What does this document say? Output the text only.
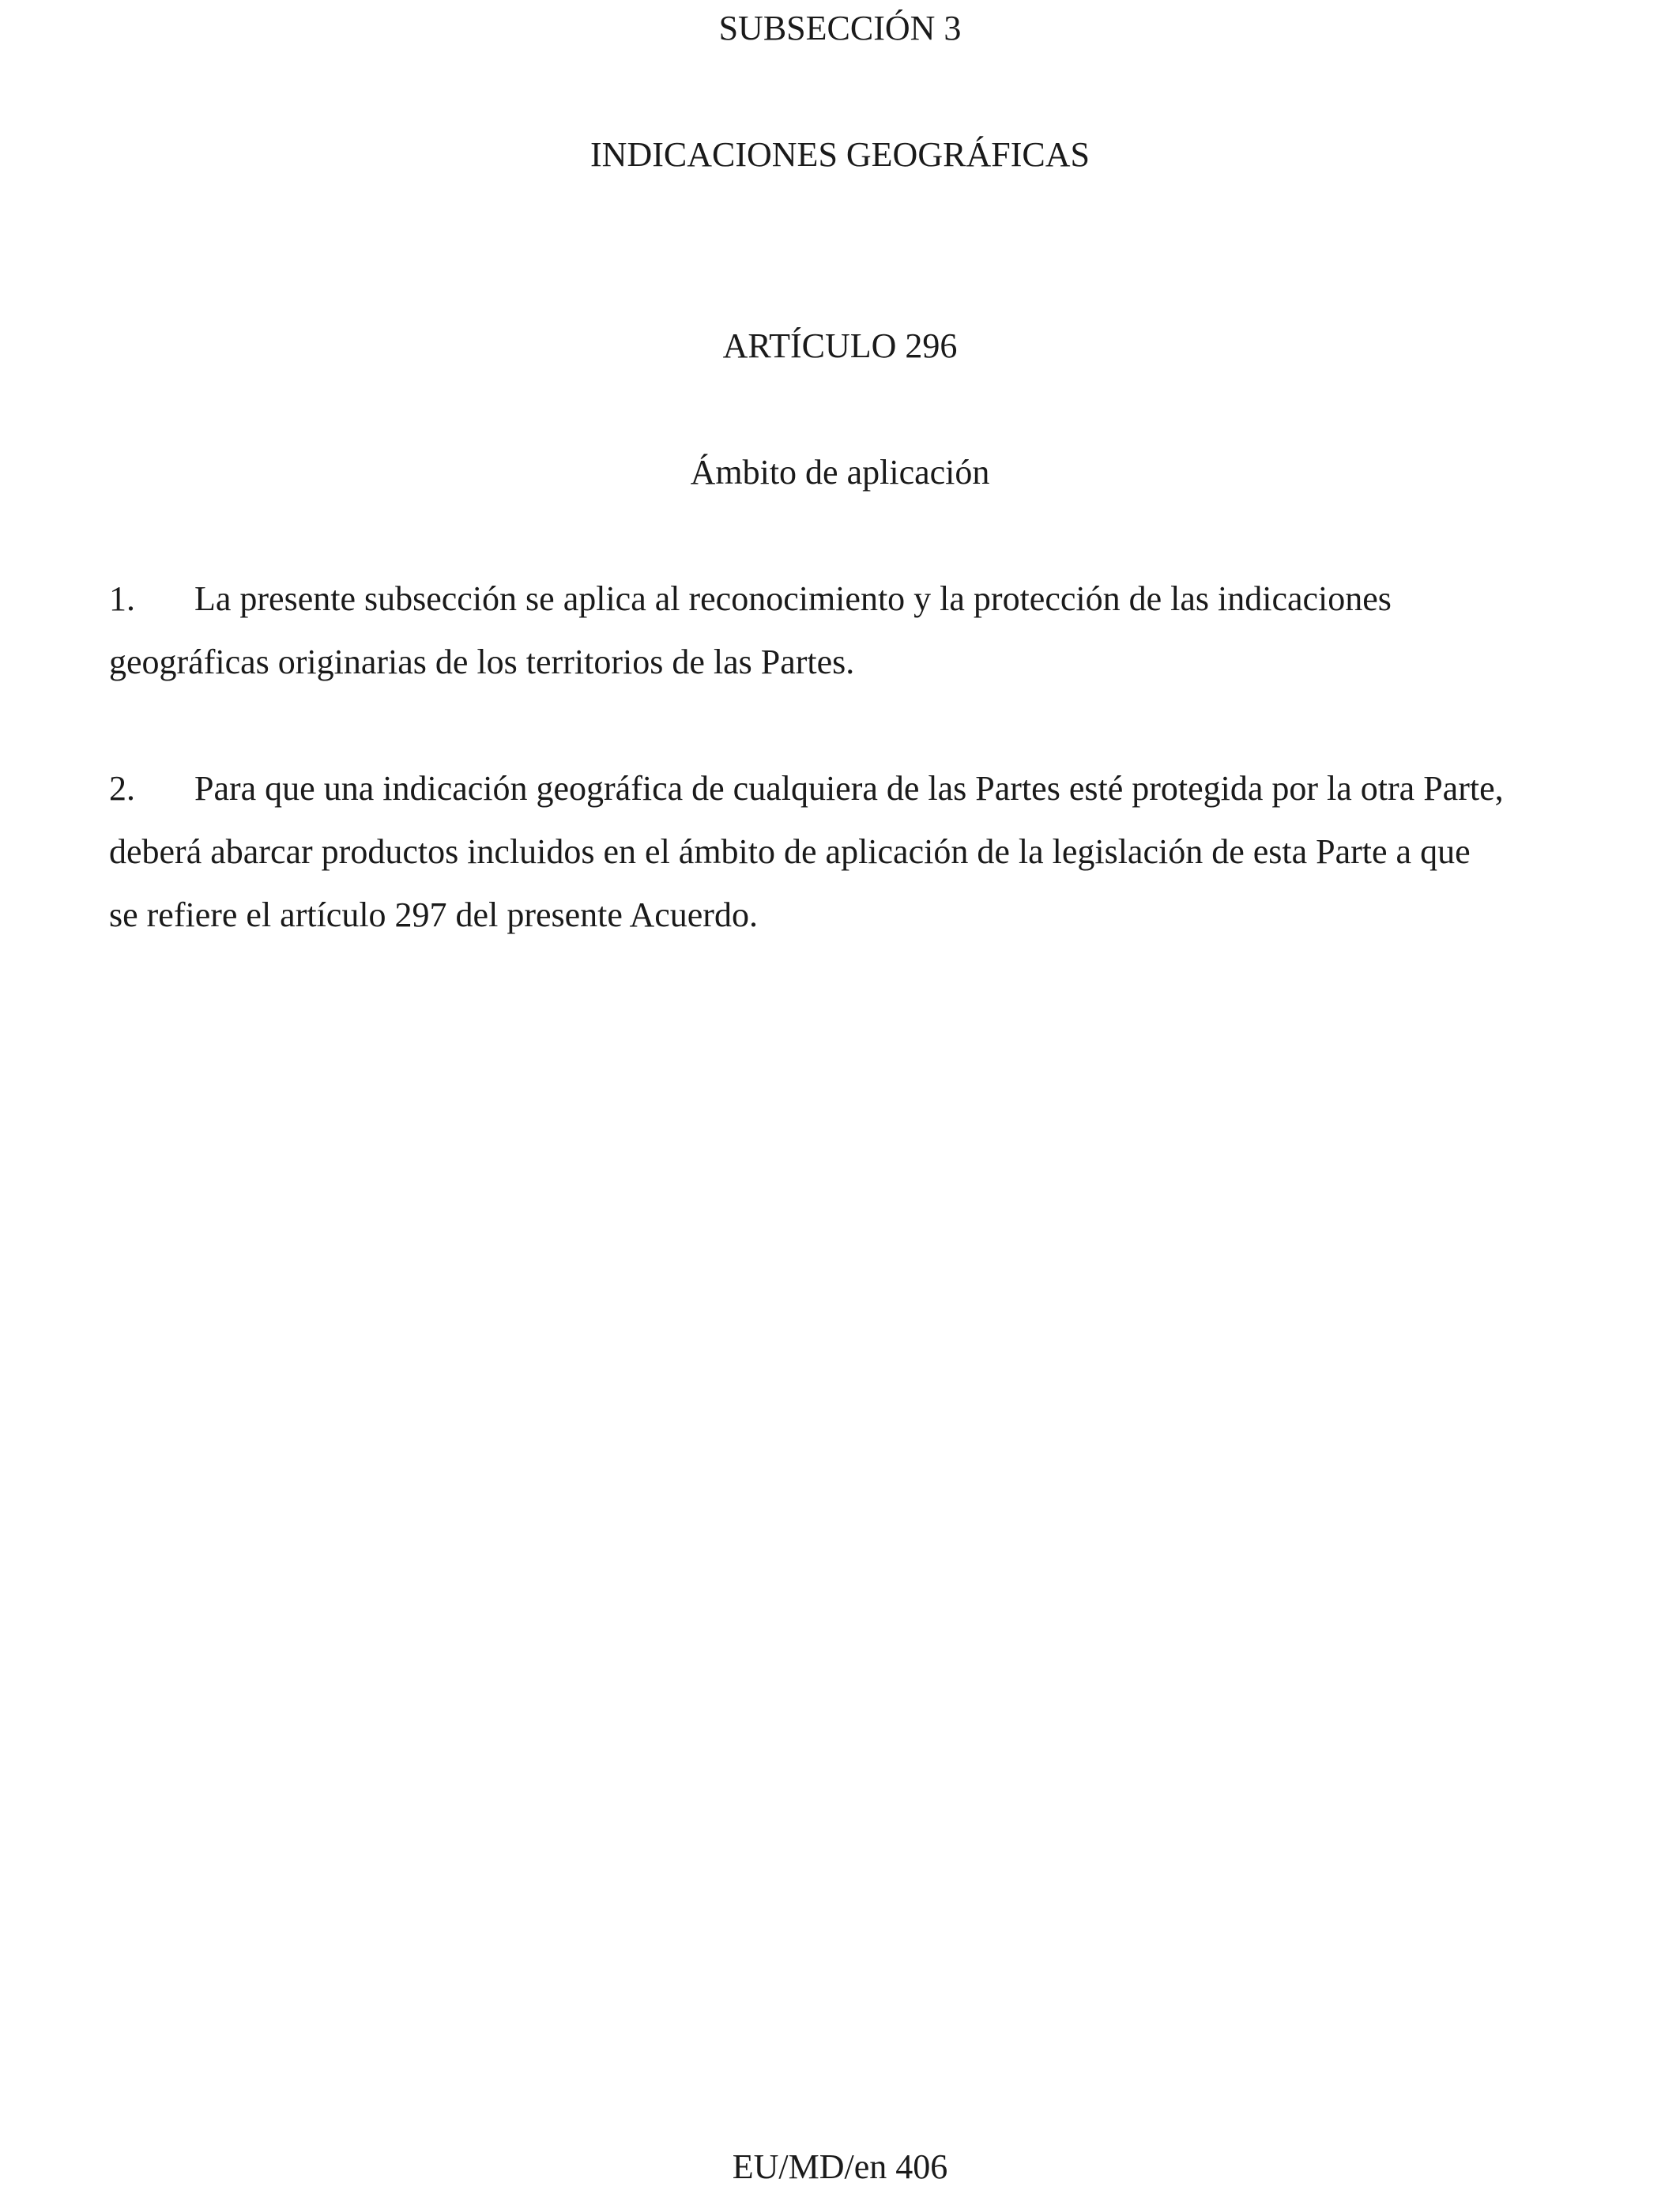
SUBSECCIÓN 3
INDICACIONES GEOGRÁFICAS
ARTÍCULO 296
Ámbito de aplicación
1. La presente subsección se aplica al reconocimiento y la protección de las indicaciones
geográficas originarias de los territorios de las Partes.
2. Para que una indicación geográfica de cualquiera de las Partes esté protegida por la otra Parte,
deberá abarcar productos incluidos en el ámbito de aplicación de la legislación de esta Parte a que
se refiere el artículo 297 del presente Acuerdo.
EU/MD/en 406
